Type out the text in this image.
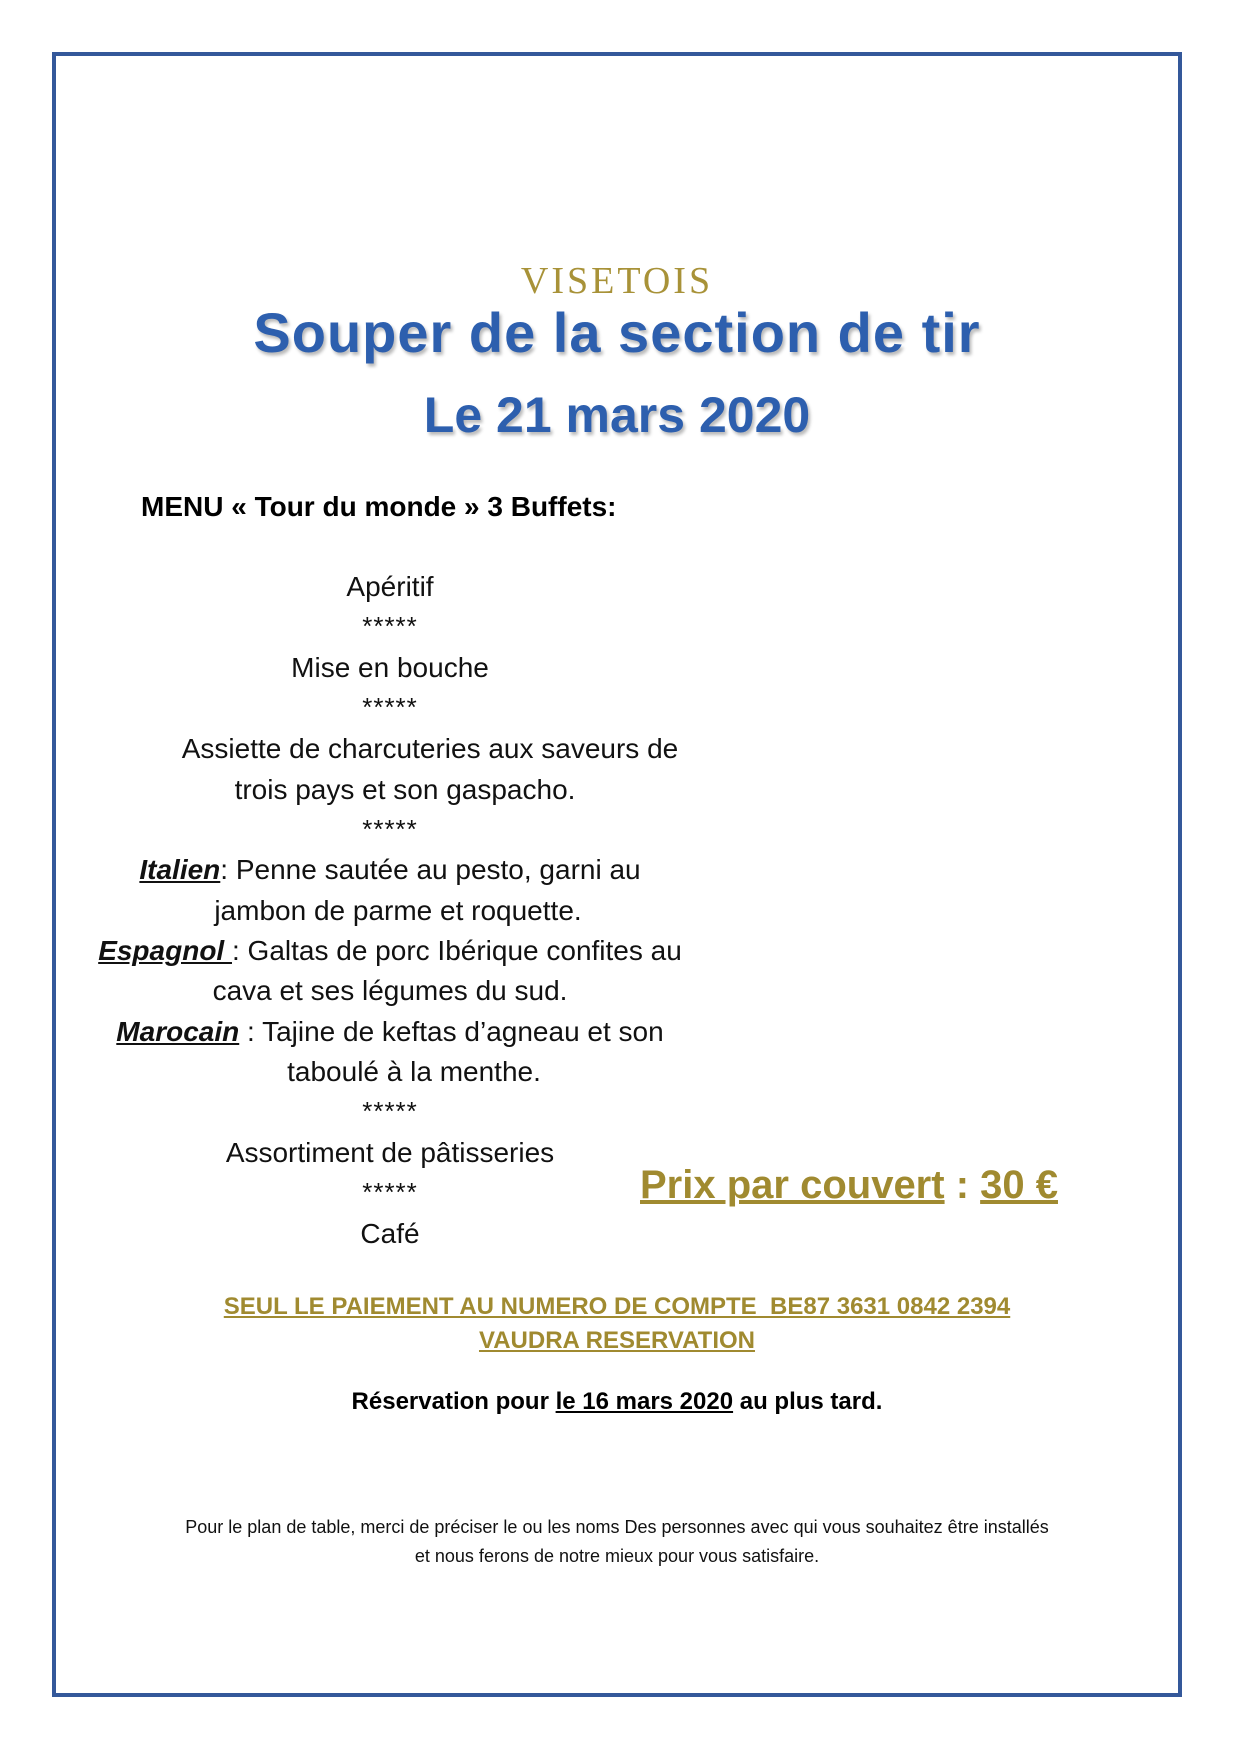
VISETOIS
Souper de la section de tir
Le 21 mars 2020
MENU « Tour du monde » 3 Buffets:
Apéritif
*****
Mise en bouche
*****
Assiette de charcuteries aux saveurs de
trois pays et son gaspacho.
*****
Italien: Penne sautée au pesto, garni au
jambon de parme et roquette.
Espagnol : Galtas de porc Ibérique confites au
cava et ses légumes du sud.
Marocain : Tajine de keftas d’agneau et son
taboulé à la menthe.
*****
Assortiment de pâtisseries
*****
Café
Prix par couvert : 30 €
SEUL LE PAIEMENT AU NUMERO DE COMPTE  BE87 3631 0842 2394
VAUDRA RESERVATION
Réservation pour le 16 mars 2020 au plus tard.
Pour le plan de table, merci de préciser le ou les noms Des personnes avec qui vous souhaitez être installés
et nous ferons de notre mieux pour vous satisfaire.
